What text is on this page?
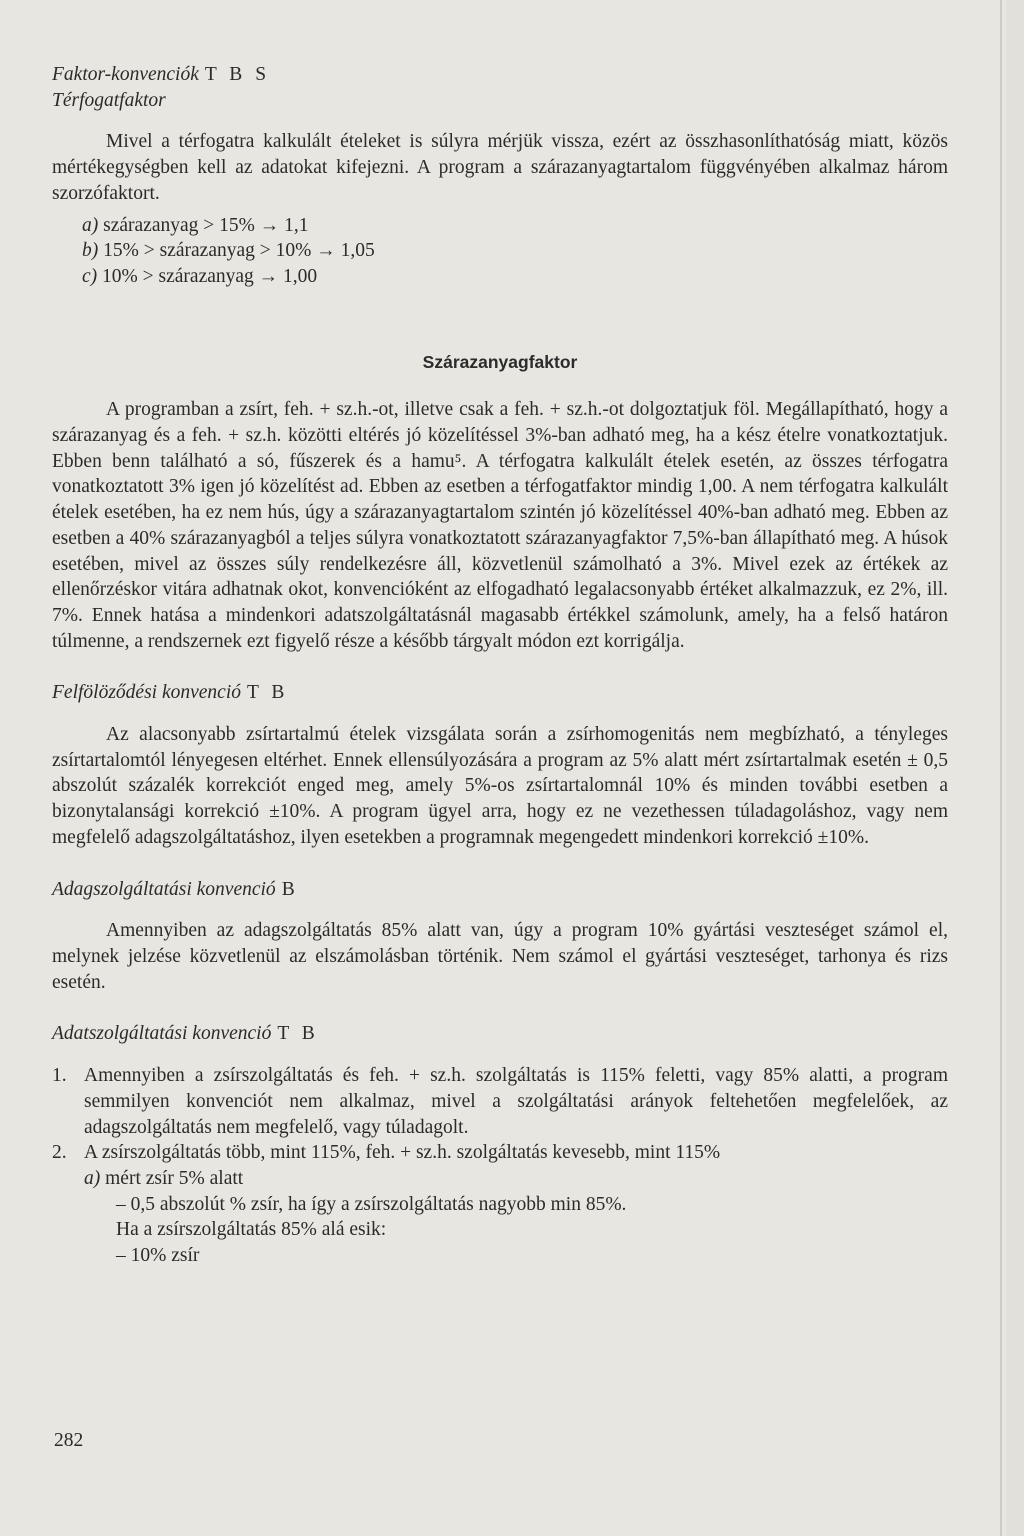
Faktor-konvenciók T B S
Térfogatfaktor

Mivel a térfogatra kalkulált ételeket is súlyra mérjük vissza, ezért az összhasonlíthatóság miatt, közös mértékegységben kell az adatokat kifejezni. A program a szárazanyagtartalom függvényében alkalmaz három szorzófaktort.

a) szárazanyag > 15% → 1,1
b) 15% > szárazanyag > 10% → 1,05
c) 10% > szárazanyag → 1,00
Szárazanyagfaktor

A programban a zsírt, feh. + sz.h.-ot, illetve csak a feh. + sz.h.-ot dolgoztatjuk föl. Megállapítható, hogy a szárazanyag és a feh. + sz.h. közötti eltérés jó közelítéssel 3%-ban adható meg, ha a kész ételre vonatkoztatjuk. Ebben benn található a só, fűszerek és a hamu⁵. A térfogatra kalkulált ételek esetén, az összes térfogatra vonatkoztatott 3% igen jó közelítést ad. Ebben az esetben a térfogatfaktor mindig 1,00. A nem térfogatra kalkulált ételek esetében, ha ez nem hús, úgy a szárazanyagtartalom szintén jó közelítéssel 40%-ban adható meg. Ebben az esetben a 40% szárazanyagból a teljes súlyra vonatkoztatott szárazanyagfaktor 7,5%-ban állapítható meg. A húsok esetében, mivel az összes súly rendelkezésre áll, közvetlenül számolható a 3%. Mivel ezek az értékek az ellenőrzéskor vitára adhatnak okot, konvencióként az elfogadható legalacsonyabb értéket alkalmazzuk, ez 2%, ill. 7%. Ennek hatása a mindenkori adatszolgáltatásnál magasabb értékkel számolunk, amely, ha a felső határon túlmenne, a rendszernek ezt figyelő része a később tárgyalt módon ezt korrigálja.

Felfölöződési konvenció T B

Az alacsonyabb zsírtartalmú ételek vizsgálata során a zsírhomogenitás nem megbízható, a tényleges zsírtartalomtól lényegesen eltérhet. Ennek ellensúlyozására a program az 5% alatt mért zsírtartalmak esetén ± 0,5 abszolút százalék korrekciót enged meg, amely 5%-os zsírtartalomnál 10% és minden további esetben a bizonytalansági korrekció ±10%. A program ügyel arra, hogy ez ne vezethessen túladagoláshoz, vagy nem megfelelő adagszolgáltatáshoz, ilyen esetekben a programnak megengedett mindenkori korrekció ±10%.

Adagszolgáltatási konvenció B

Amennyiben az adagszolgáltatás 85% alatt van, úgy a program 10% gyártási veszteséget számol el, melynek jelzése közvetlenül az elszámolásban történik. Nem számol el gyártási veszteséget, tarhonya és rizs esetén.

Adatszolgáltatási konvenció T B
1. Amennyiben a zsírszolgáltatás és feh. + sz.h. szolgáltatás is 115% feletti, vagy 85% alatti, a program semmilyen konvenciót nem alkalmaz, mivel a szolgáltatási arányok feltehetően megfelelőek, az adagszolgáltatás nem megfelelő, vagy túladagolt.
2. A zsírszolgáltatás több, mint 115%, feh. + sz.h. szolgáltatás kevesebb, mint 115%
a) mért zsír 5% alatt
– 0,5 abszolút % zsír, ha így a zsírszolgáltatás nagyobb min 85%.
Ha a zsírszolgáltatás 85% alá esik:
– 10% zsír
282
